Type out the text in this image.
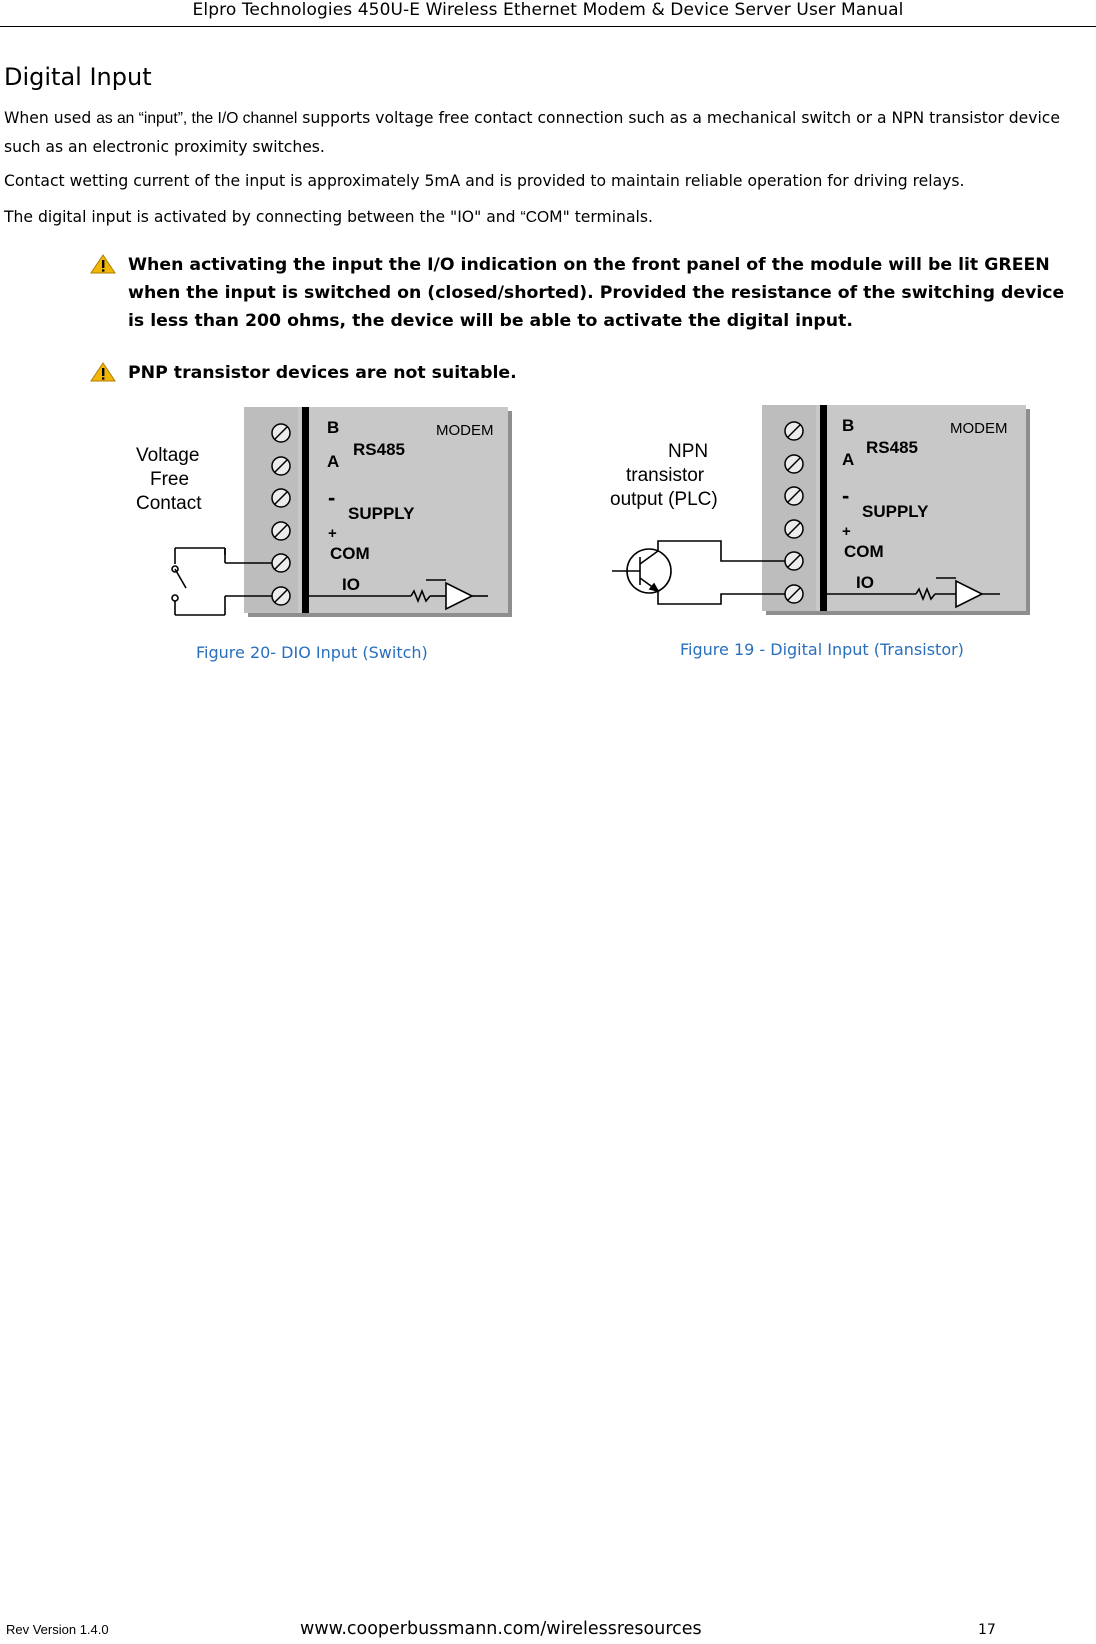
Elpro Technologies 450U-E Wireless Ethernet Modem & Device Server User Manual
Digital Input
When used as an “input”, the I/O channel supports voltage free contact connection such as a mechanical switch or a NPN transistor device such as an electronic proximity switches.
Contact wetting current of the input is approximately 5mA and is provided to maintain reliable operation for driving relays.
The digital input is activated by connecting between the "IO" and “COM" terminals.
When activating the input the I/O indication on the front panel of the module will be lit GREEN when the input is switched on (closed/shorted). Provided the resistance of the switching device is less than 200 ohms, the device will be able to activate the digital input.
PNP transistor devices are not suitable.
Voltage
Free
Contact
B
RS485
MODEM
A
-
SUPPLY
+
COM
IO
Figure 20- DIO Input (Switch)
NPN
transistor
output (PLC)
B
RS485
MODEM
A
-
SUPPLY
+
COM
IO
Figure 19 - Digital Input (Transistor)
Rev Version 1.4.0	www.cooperbussmann.com/wirelessresources	17
